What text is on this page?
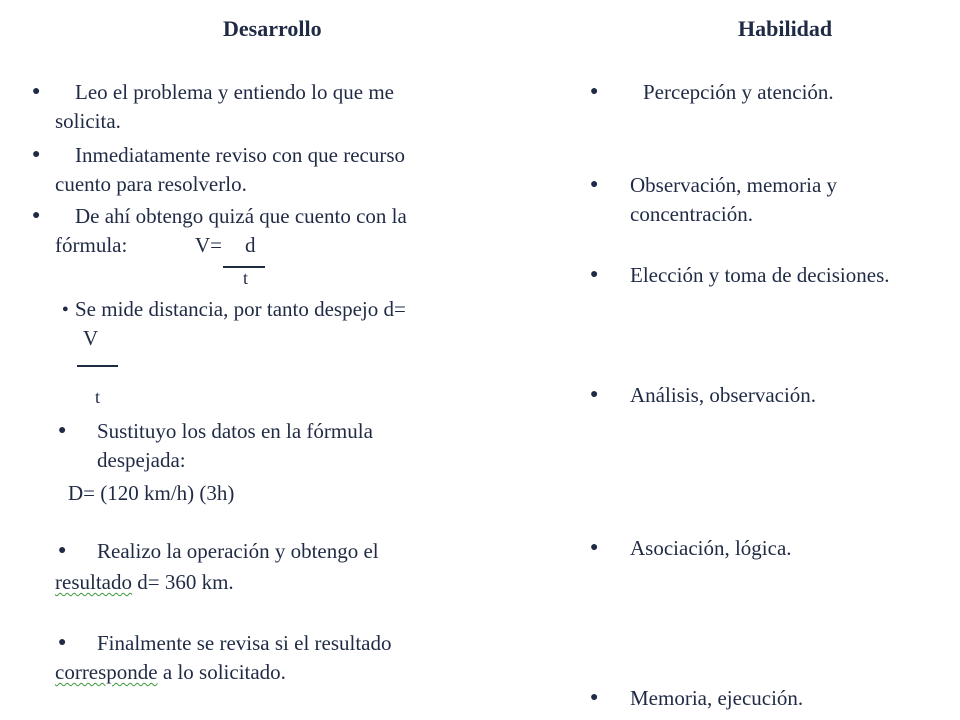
Desarrollo	Habilidad
● Leo el problema y entiendo lo que me
solicita.
● Inmediatamente reviso con que recurso
cuento para resolverlo.
● De ahí obtengo quizá que cuento con la
fórmula:	V= d
t
● Se mide distancia, por tanto despejo d=
V
t
● Sustituyo los datos en la fórmula
despejada:
D= (120 km/h) (3h)
● Realizo la operación y obtengo el
resultado d= 360 km.
● Finalmente se revisa si el resultado
corresponde a lo solicitado.
● Percepción y atención.
● Observación, memoria y
concentración.
● Elección y toma de decisiones.
● Análisis, observación.
● Asociación, lógica.
● Memoria, ejecución.
